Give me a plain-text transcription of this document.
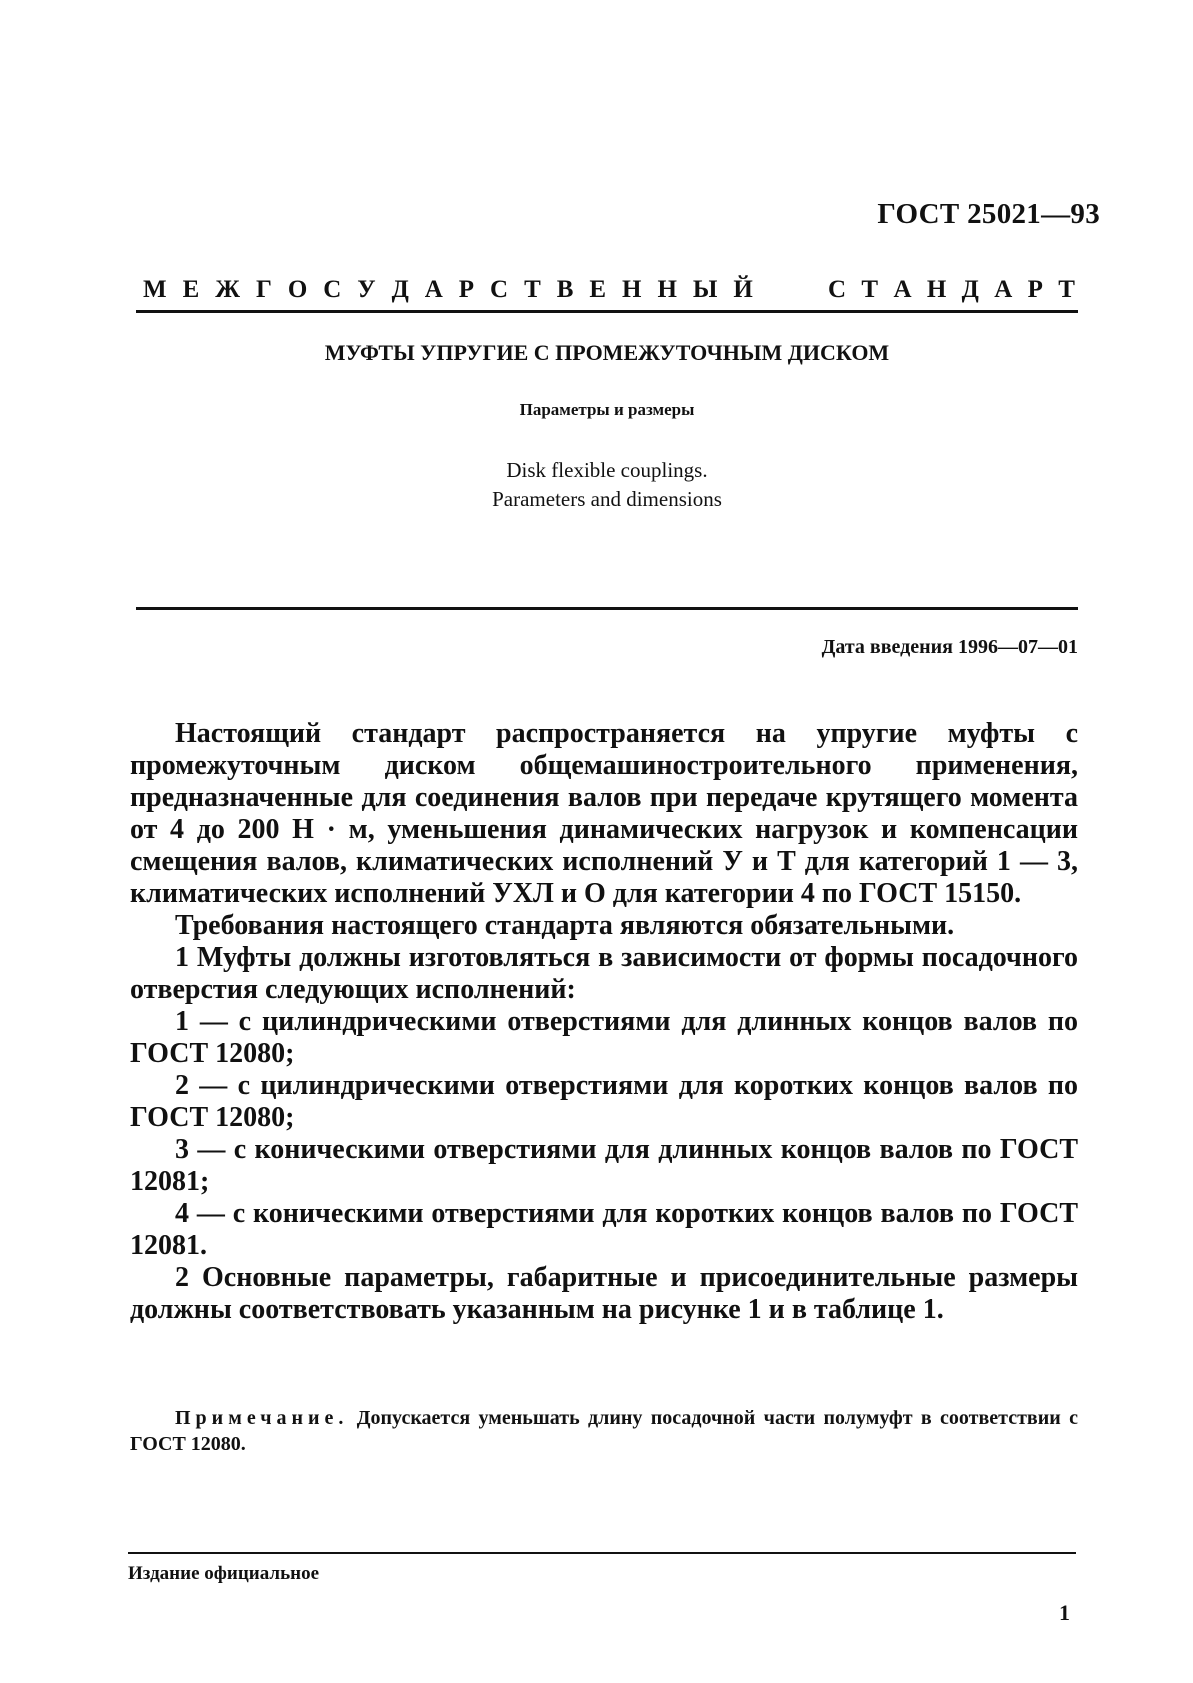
ГОСТ 25021—93
М Е Ж Г О С У Д А Р С Т В Е Н Н Ы Й	С Т А Н Д А Р Т
МУФТЫ УПРУГИЕ С ПРОМЕЖУТОЧНЫМ ДИСКОМ
Параметры и размеры
Disk flexible couplings.
Parameters and dimensions
Дата введения 1996—07—01

Настоящий стандарт распространяется на упругие муфты с промежуточным диском общемашиностроительного применения, предназначенные для соединения валов при передаче крутящего момента от 4 до 200 Н · м, уменьшения динамических нагрузок и компенсации смещения валов, климатических исполнений У и Т для категорий 1 — 3, климатических исполнений УХЛ и О для категории 4 по ГОСТ 15150.

Требования настоящего стандарта являются обязательными.

1 Муфты должны изготовляться в зависимости от формы посадочного отверстия следующих исполнений:

1 — с цилиндрическими отверстиями для длинных концов валов по ГОСТ 12080;

2 — с цилиндрическими отверстиями для коротких концов валов по ГОСТ 12080;

3 — с коническими отверстиями для длинных концов валов по ГОСТ 12081;

4 — с коническими отверстиями для коротких концов валов по ГОСТ 12081.

2 Основные параметры, габаритные и присоединительные размеры должны соответствовать указанным на рисунке 1 и в таблице 1.

Примечание. Допускается уменьшать длину посадочной части полумуфт в соответствии с ГОСТ 12080.
Издание официальное
1
